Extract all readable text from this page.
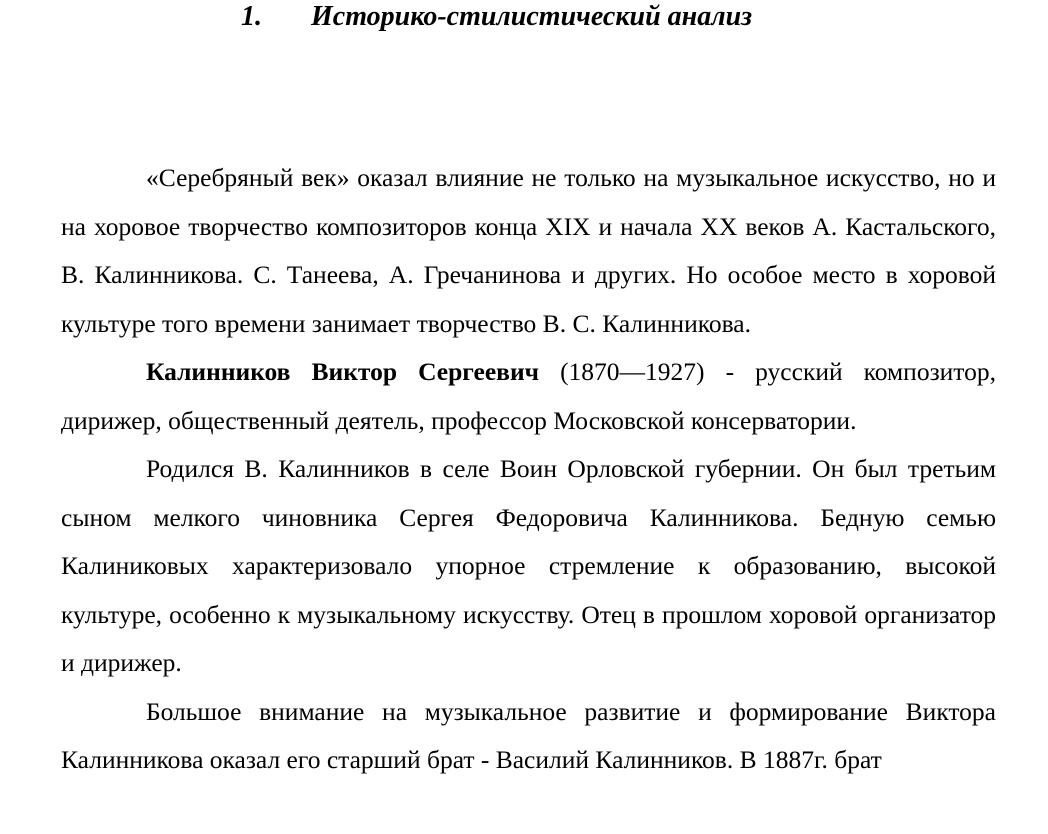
1. Историко-стилистический анализ

«Серебряный век» оказал влияние не только на музыкальное искусство, но и на хоровое творчество композиторов конца XIX и начала XX веков А. Кастальского, В. Калинникова. С. Танеева, А. Гречанинова и других. Но особое место в хоровой культуре того времени занимает творчество В. С. Калинникова.

Калинников Виктор Сергеевич (1870—1927) - русский композитор, дирижер, общественный деятель, профессор Московской консерватории.

Родился В. Калинников в селе Воин Орловской губернии. Он был третьим сыном мелкого чиновника Сергея Федоровича Калинникова. Бедную семью Калиниковых характеризовало упорное стремление к образованию, высокой культуре, особенно к музыкальному искусству. Отец в прошлом хоровой организатор и дирижер.

Большое внимание на музыкальное развитие и формирование Виктора Калинникова оказал его старший брат - Василий Калинников. В 1887г. брат
